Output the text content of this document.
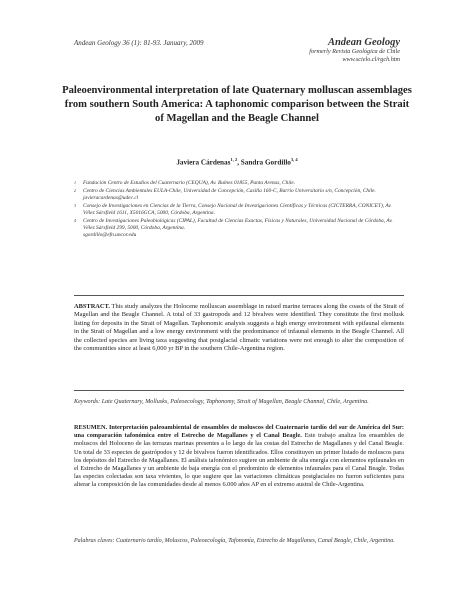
Andean Geology 36 (1): 81-93. January, 2009	Andean Geology
formerly Revista Geológica de Chile
www.scielo.cl/rgch.htm
Paleoenvironmental interpretation of late Quaternary molluscan assemblages from southern South America: A taphonomic comparison between the Strait of Magellan and the Beagle Channel
Javiera Cárdenas$^{1, 2}$, Sandra Gordillo$^{3, 4}$
1 Fundación Centro de Estudios del Cuaternario (CEQUA), Av. Bulnes 01855, Punta Arenas, Chile.
2 Centro de Ciencias Ambientales EULA-Chile, Universidad de Concepción, Casilla 160-C, Barrio Universitario s/n, Concepción, Chile.
javieracardenas@udec.cl
3 Consejo de Investigaciones en Ciencias de la Tierra, Consejo Nacional de Investigaciones Científicas y Técnicas (CICTERRA, CONICET), Av. Vélez Sársfield 1611, X5016GCA, 5000, Córdoba, Argentina.
4 Centro de Investigaciones Paleobiológicas (CIPAL), Facultad de Ciencias Exactas, Físicas y Naturales, Universidad Nacional de Córdoba, Av. Vélez Sársfield 299, 5000, Córdoba, Argentina.
sgordillo@efn.uncor.edu
ABSTRACT. This study analyzes the Holocene molluscan assemblage in raised marine terraces along the coasts of the Strait of Magellan and the Beagle Channel. A total of 33 gastropods and 12 bivalves were identified. They constitute the first mollusk listing for deposits in the Strait of Magellan. Taphonomic analysis suggests a high energy environment with epifaunal elements in the Strait of Magellan and a low energy environment with the predominance of infaunal elements in the Beagle Channel. All the collected species are living taxa suggesting that postglacial climatic variations were not enough to alter the composition of the communities since at least 6,000 yr BP in the southern Chile-Argentina region.
Keywords: Late Quaternary, Mollusks, Paleoecology, Taphonomy, Strait of Magellan, Beagle Channel, Chile, Argentina.
RESUMEN. Interpretación paleoambiental de ensambles de moluscos del Cuaternario tardío del sur de América del Sur: una comparación tafonómica entre el Estrecho de Magallanes y el Canal Beagle. Este trabajo analiza los ensambles de moluscos del Holoceno de las terrazas marinas presentes a lo largo de las costas del Estrecho de Magallanes y del Canal Beagle. Un total de 33 especies de gastrópodos y 12 de bivalvos fueron identificados. Ellos constituyen un primer listado de moluscos para los depósitos del Estrecho de Magallanes. El análisis tafonómico sugiere un ambiente de alta energía con elementos epifaunales en el Estrecho de Magallanes y un ambiente de baja energía con el predominio de elementos infaunales para el Canal Beagle. Todas las especies colectadas son taxa vivientes, lo que sugiere que las variaciones climáticas postglaciales no fueron suficientes para alterar la composición de las comunidades desde al menos 6.000 años AP en el extremo austral de Chile-Argentina.
Palabras claves: Cuaternario tardío, Moluscos, Paleoecología, Tafonomía, Estrecho de Magallanes, Canal Beagle, Chile, Argentina.
